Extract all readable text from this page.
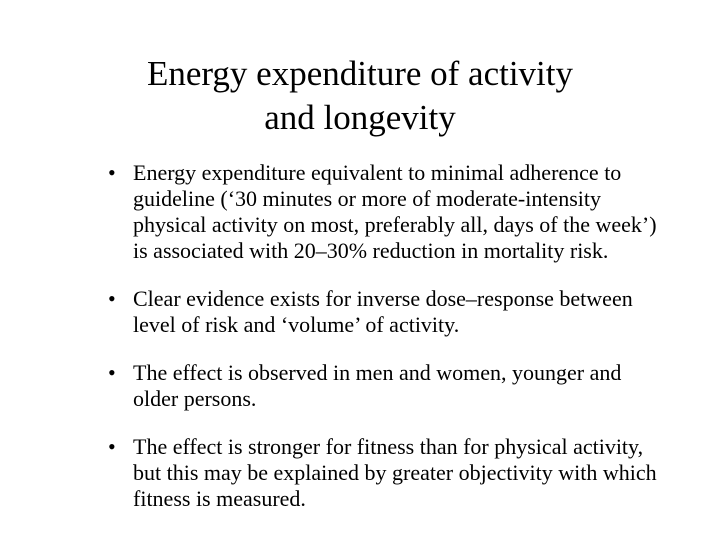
Energy expenditure of activity
and longevity
• Energy expenditure equivalent to minimal adherence to guideline (‘30 minutes or more of moderate-intensity physical activity on most, preferably all, days of the week’) is associated with 20–30% reduction in mortality risk.
• Clear evidence exists for inverse dose–response between level of risk and ‘volume’ of activity.
• The effect is observed in men and women, younger and older persons.
• The effect is stronger for fitness than for physical activity, but this may be explained by greater objectivity with which fitness is measured.
